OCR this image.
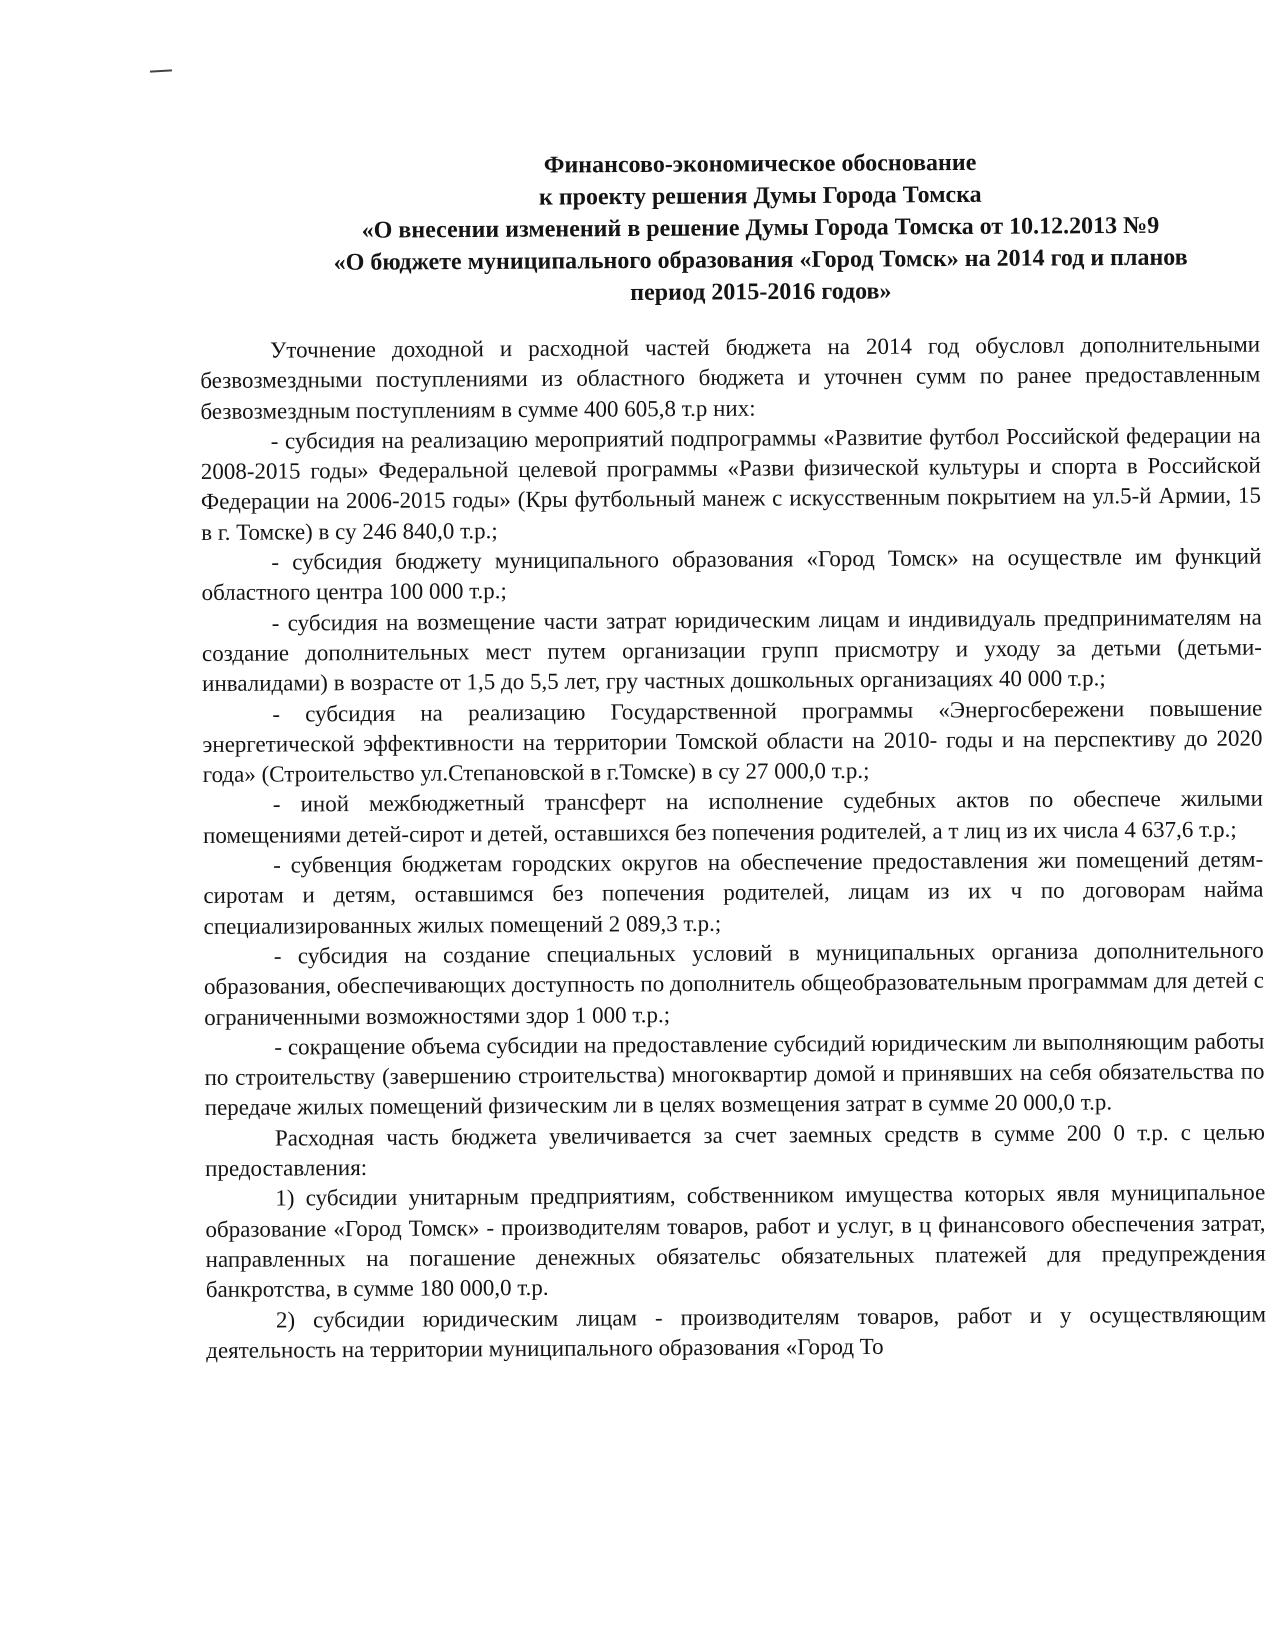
Финансово-экономическое обоснование
к проекту решения Думы Города Томска
«О внесении изменений в решение Думы Города Томска от 10.12.2013 №9
«О бюджете муниципального образования «Город Томск» на 2014 год и планов
период 2015-2016 годов»

Уточнение доходной и расходной частей бюджета на 2014 год обусловл дополнительными безвозмездными поступлениями из областного бюджета и уточнен сумм по ранее предоставленным безвозмездным поступлениям в сумме 400 605,8 т.р них:

- субсидия на реализацию мероприятий подпрограммы «Развитие футбол Российской федерации на 2008-2015 годы» Федеральной целевой программы «Разви физической культуры и спорта в Российской Федерации на 2006-2015 годы» (Кры футбольный манеж с искусственным покрытием на ул.5-й Армии, 15 в г. Томске) в су 246 840,0 т.р.;

- субсидия бюджету муниципального образования «Город Томск» на осуществле им функций областного центра 100 000 т.р.;

- субсидия на возмещение части затрат юридическим лицам и индивидуаль предпринимателям на создание дополнительных мест путем организации групп присмотру и уходу за детьми (детьми-инвалидами) в возрасте от 1,5 до 5,5 лет, гру частных дошкольных организациях 40 000 т.р.;

- субсидия на реализацию Государственной программы «Энергосбережени повышение энергетической эффективности на территории Томской области на 2010- годы и на перспективу до 2020 года» (Строительство ул.Степановской в г.Томске) в су 27 000,0 т.р.;

- иной межбюджетный трансферт на исполнение судебных актов по обеспече жилыми помещениями детей-сирот и детей, оставшихся без попечения родителей, а т лиц из их числа 4 637,6 т.р.;

- субвенция бюджетам городских округов на обеспечение предоставления жи помещений детям-сиротам и детям, оставшимся без попечения родителей, лицам из их ч по договорам найма специализированных жилых помещений 2 089,3 т.р.;

- субсидия на создание специальных условий в муниципальных организа дополнительного образования, обеспечивающих доступность по дополнитель общеобразовательным программам для детей с ограниченными возможностями здор 1 000 т.р.;

- сокращение объема субсидии на предоставление субсидий юридическим ли выполняющим работы по строительству (завершению строительства) многоквартир домой и принявших на себя обязательства по передаче жилых помещений физическим ли в целях возмещения затрат в сумме 20 000,0 т.р.

Расходная часть бюджета увеличивается за счет заемных средств в сумме 200 0 т.р. с целью предоставления:

1) субсидии унитарным предприятиям, собственником имущества которых явля муниципальное образование «Город Томск» - производителям товаров, работ и услуг, в ц финансового обеспечения затрат, направленных на погашение денежных обязательс обязательных платежей для предупреждения банкротства, в сумме 180 000,0 т.р.

2) субсидии юридическим лицам - производителям товаров, работ и у осуществляющим деятельность на территории муниципального образования «Город То
